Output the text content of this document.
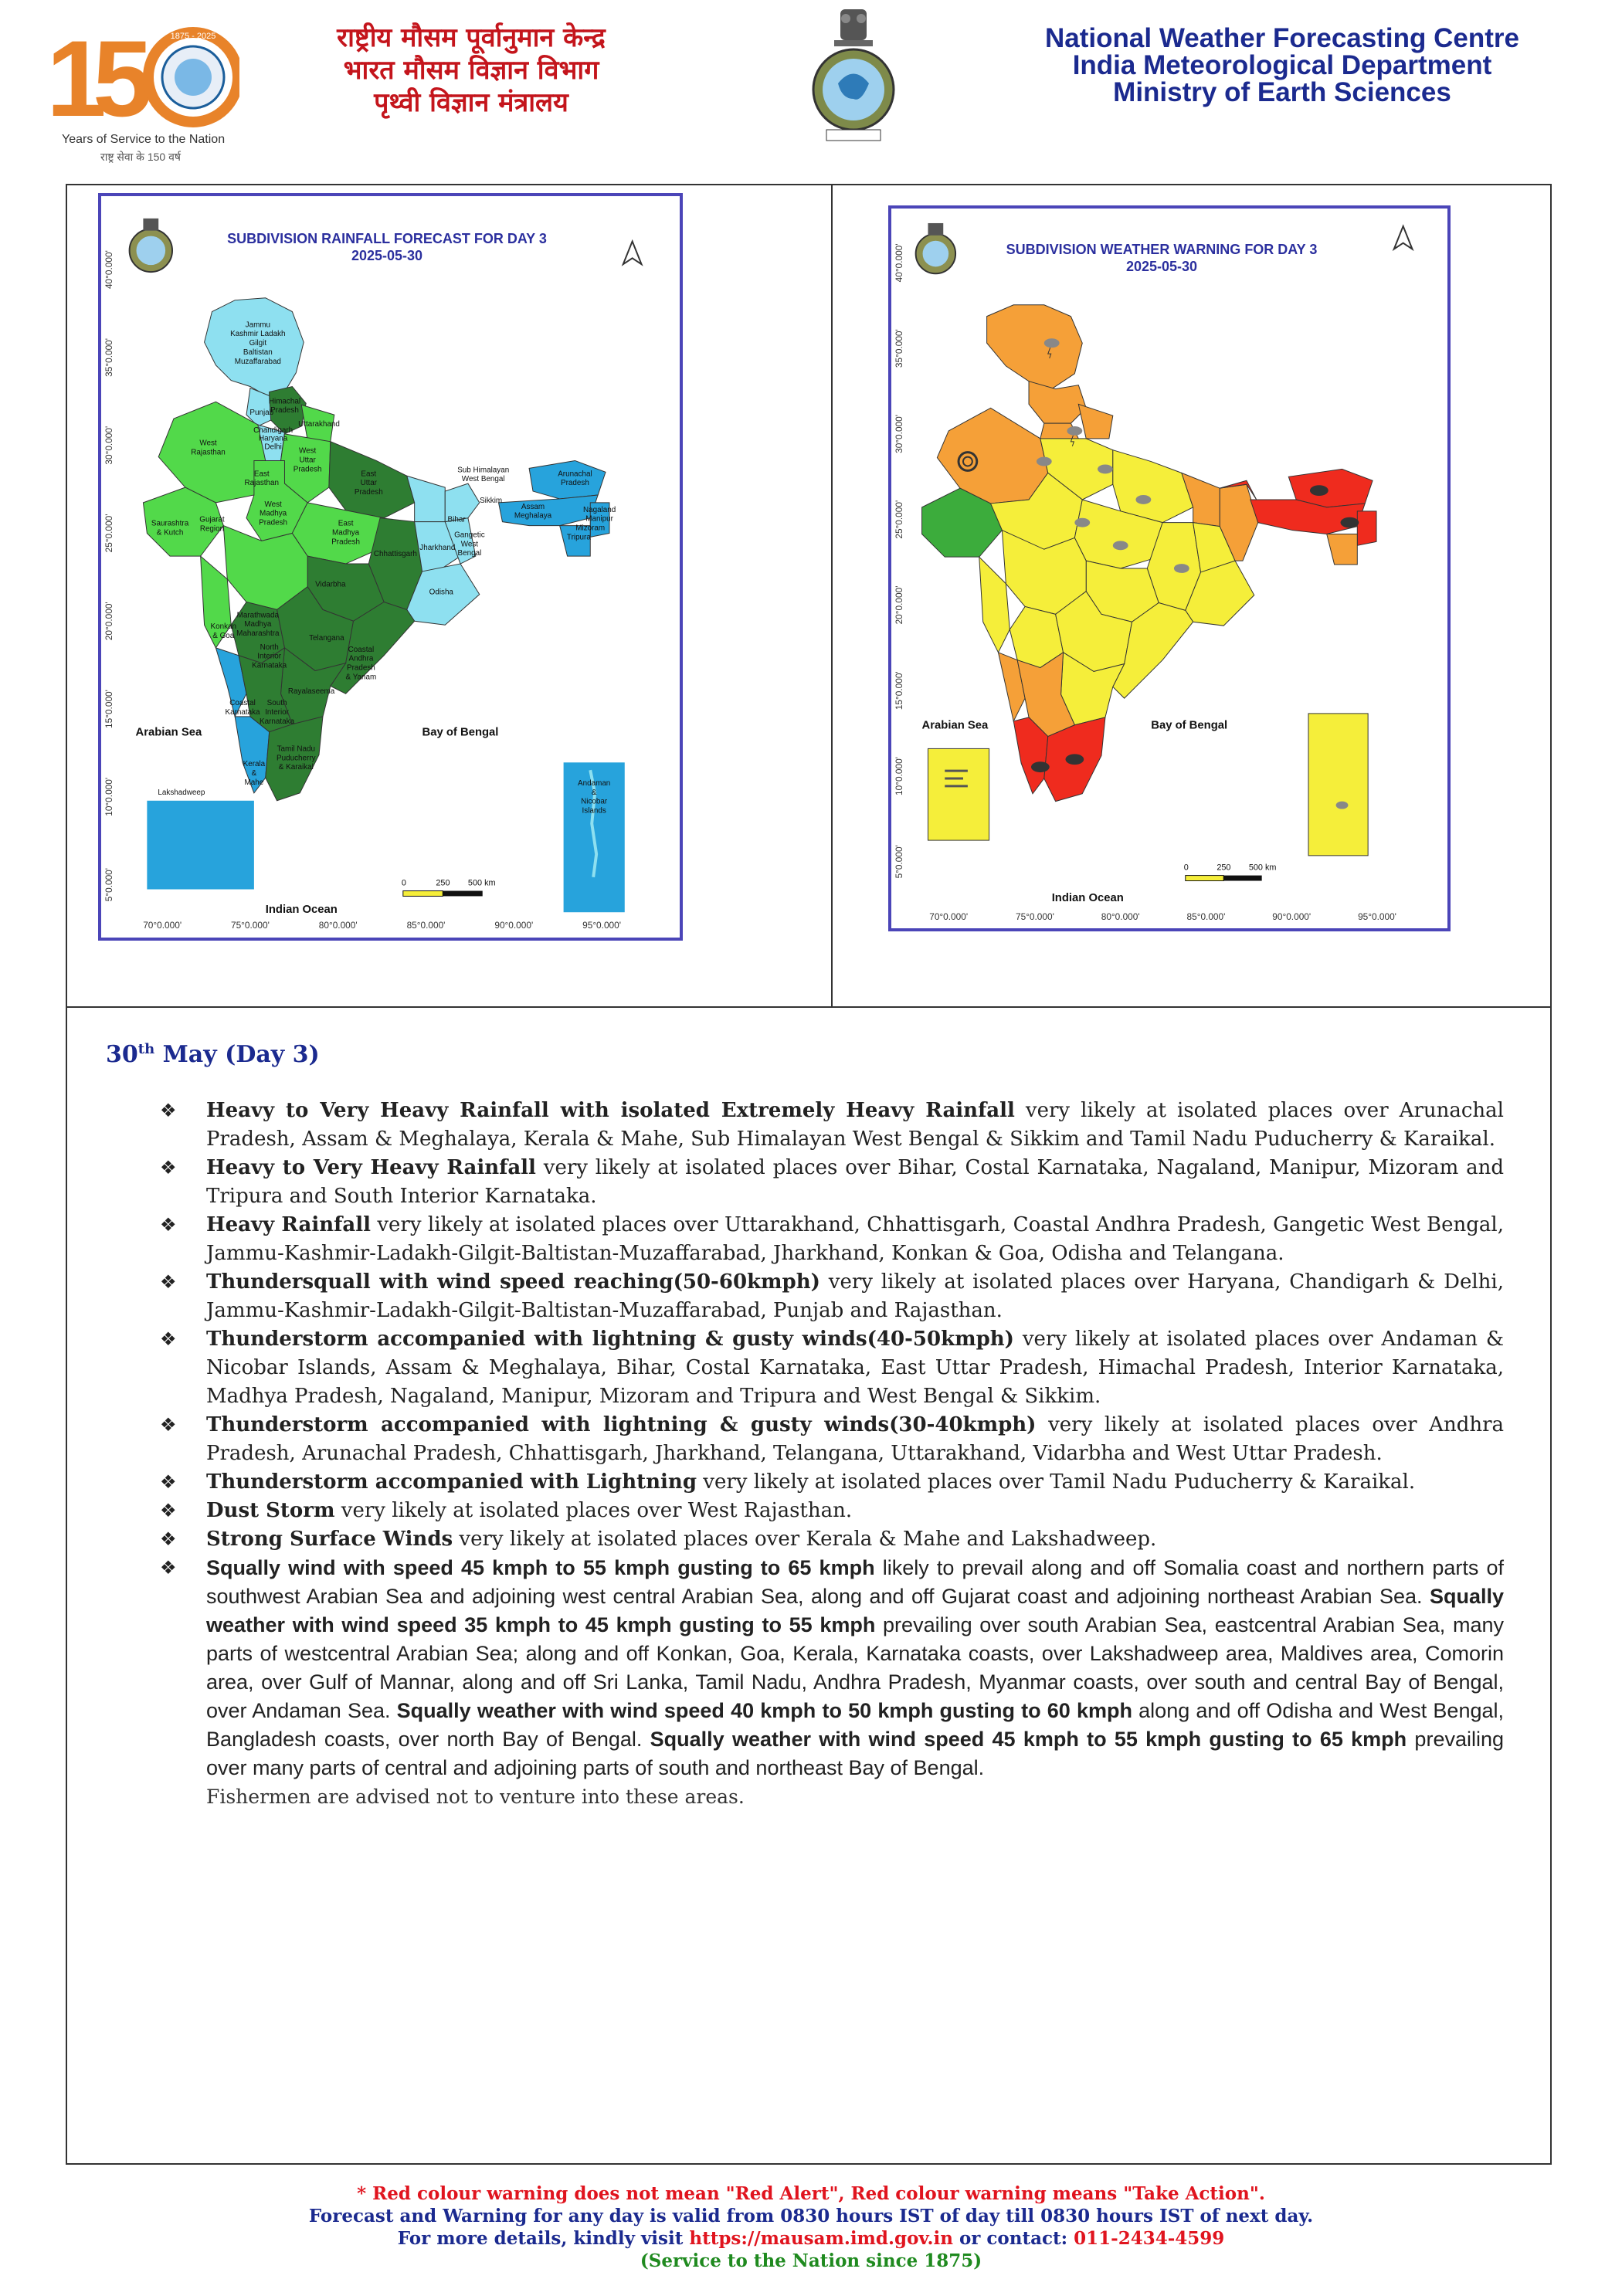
1
5 1875 - 2025
Years of Service to the Nation
राष्ट्र सेवा के 150 वर्ष
राष्ट्रीय मौसम पूर्वानुमान केन्द्र
भारत मौसम विज्ञान विभाग
पृथ्वी विज्ञान मंत्रालय
National Weather Forecasting Centre
India Meteorological Department
Ministry of Earth Sciences
40°0.000'
35°0.000'
30°0.000'
25°0.000'
20°0.000'
15°0.000'
10°0.000'
5°0.000'
70°0.000'	75°0.000'	80°0.000'	85°0.000'	90°0.000'	95°0.000'
Jammu
Kashmir Ladakh
Gilgit
Baltistan
Muzaffarabad
Himachal
Pradesh
Punjab
Uttarakhand
Chandigarh
Haryana
Delhi West
Uttar
Pradesh
East
Uttar
Pradesh
West
Rajasthan
East
Rajasthan
West
Madhya
Pradesh	East
Madhya
Pradesh
Saurashtra
& Kutch
Gujarat
Region
Chhattisgarh
Bihar
Jharkhand
Gangetic
West
Bengal
Odisha
Vidarbha
Marathwada
Madhya
Maharashtra
Konkan
& Goa
North
Interior
Karnataka
Telangana
Coastal
Andhra
Pradesh
& Yanam
Rayalaseema
Coastal
Karnataka
South
Interior
Karnataka
Tamil Nadu
Puducherry
& Karaikal
Kerala
&
Mahe
Lakshadweep
Sub Himalayan
West Bengal
Sikkim
Arunachal
Pradesh
Assam
Meghalaya
Nagaland
Manipur
Mizoram
Tripura
Andaman
&
Nicobar
Islands
Arabian Sea	Bay of Bengal
Indian Ocean
0	250 500 km
SUBDIVISION RAINFALL FORECAST FOR DAY 3
2025-05-30	40°0.000'
35°0.000'
30°0.000'
25°0.000'
20°0.000'
15°0.000'
10°0.000'
5°0.000'
70°0.000'	75°0.000'	80°0.000'	85°0.000'	90°0.000'	95°0.000'
Arabian Sea	Bay of Bengal
Indian Ocean
0	250 500 km
SUBDIVISION WEATHER WARNING FOR DAY 3
2025-05-30
30th May (Day 3)
❖ Heavy to Very Heavy Rainfall with isolated Extremely Heavy Rainfall very likely at isolated places over Arunachal Pradesh, Assam & Meghalaya, Kerala & Mahe, Sub Himalayan West Bengal & Sikkim and Tamil Nadu Puducherry & Karaikal.
❖ Heavy to Very Heavy Rainfall very likely at isolated places over Bihar, Costal Karnataka, Nagaland, Manipur, Mizoram and Tripura and South Interior Karnataka.
❖ Heavy Rainfall very likely at isolated places over Uttarakhand, Chhattisgarh, Coastal Andhra Pradesh, Gangetic West Bengal, Jammu-Kashmir-Ladakh-Gilgit-Baltistan-Muzaffarabad, Jharkhand, Konkan & Goa, Odisha and Telangana.
❖ Thundersquall with wind speed reaching(50-60kmph) very likely at isolated places over Haryana, Chandigarh & Delhi, Jammu-Kashmir-Ladakh-Gilgit-Baltistan-Muzaffarabad, Punjab and Rajasthan.
❖ Thunderstorm accompanied with lightning & gusty winds(40-50kmph) very likely at isolated places over Andaman & Nicobar Islands, Assam & Meghalaya, Bihar, Costal Karnataka, East Uttar Pradesh, Himachal Pradesh, Interior Karnataka, Madhya Pradesh, Nagaland, Manipur, Mizoram and Tripura and West Bengal & Sikkim.
❖ Thunderstorm accompanied with lightning & gusty winds(30-40kmph) very likely at isolated places over Andhra Pradesh, Arunachal Pradesh, Chhattisgarh, Jharkhand, Telangana, Uttarakhand, Vidarbha and West Uttar Pradesh.
❖ Thunderstorm accompanied with Lightning very likely at isolated places over Tamil Nadu Puducherry & Karaikal.
❖ Dust Storm very likely at isolated places over West Rajasthan.
❖ Strong Surface Winds very likely at isolated places over Kerala & Mahe and Lakshadweep.
❖ Squally wind with speed 45 kmph to 55 kmph gusting to 65 kmph likely to prevail along and off Somalia coast and northern parts of southwest Arabian Sea and adjoining west central Arabian Sea, along and off Gujarat coast and adjoining northeast Arabian Sea. Squally weather with wind speed 35 kmph to 45 kmph gusting to 55 kmph prevailing over south Arabian Sea, eastcentral Arabian Sea, many parts of westcentral Arabian Sea; along and off Konkan, Goa, Kerala, Karnataka coasts, over Lakshadweep area, Maldives area, Comorin area, over Gulf of Mannar, along and off Sri Lanka, Tamil Nadu, Andhra Pradesh, Myanmar coasts, over south and central Bay of Bengal, over Andaman Sea. Squally weather with wind speed 40 kmph to 50 kmph gusting to 60 kmph along and off Odisha and West Bengal, Bangladesh coasts, over north Bay of Bengal. Squally weather with wind speed 45 kmph to 55 kmph gusting to 65 kmph prevailing over many parts of central and adjoining parts of south and northeast Bay of Bengal.
Fishermen are advised not to venture into these areas.
* Red colour warning does not mean "Red Alert", Red colour warning means "Take Action".
Forecast and Warning for any day is valid from 0830 hours IST of day till 0830 hours IST of next day.
For more details, kindly visit https://mausam.imd.gov.in or contact: 011-2434-4599
(Service to the Nation since 1875)
